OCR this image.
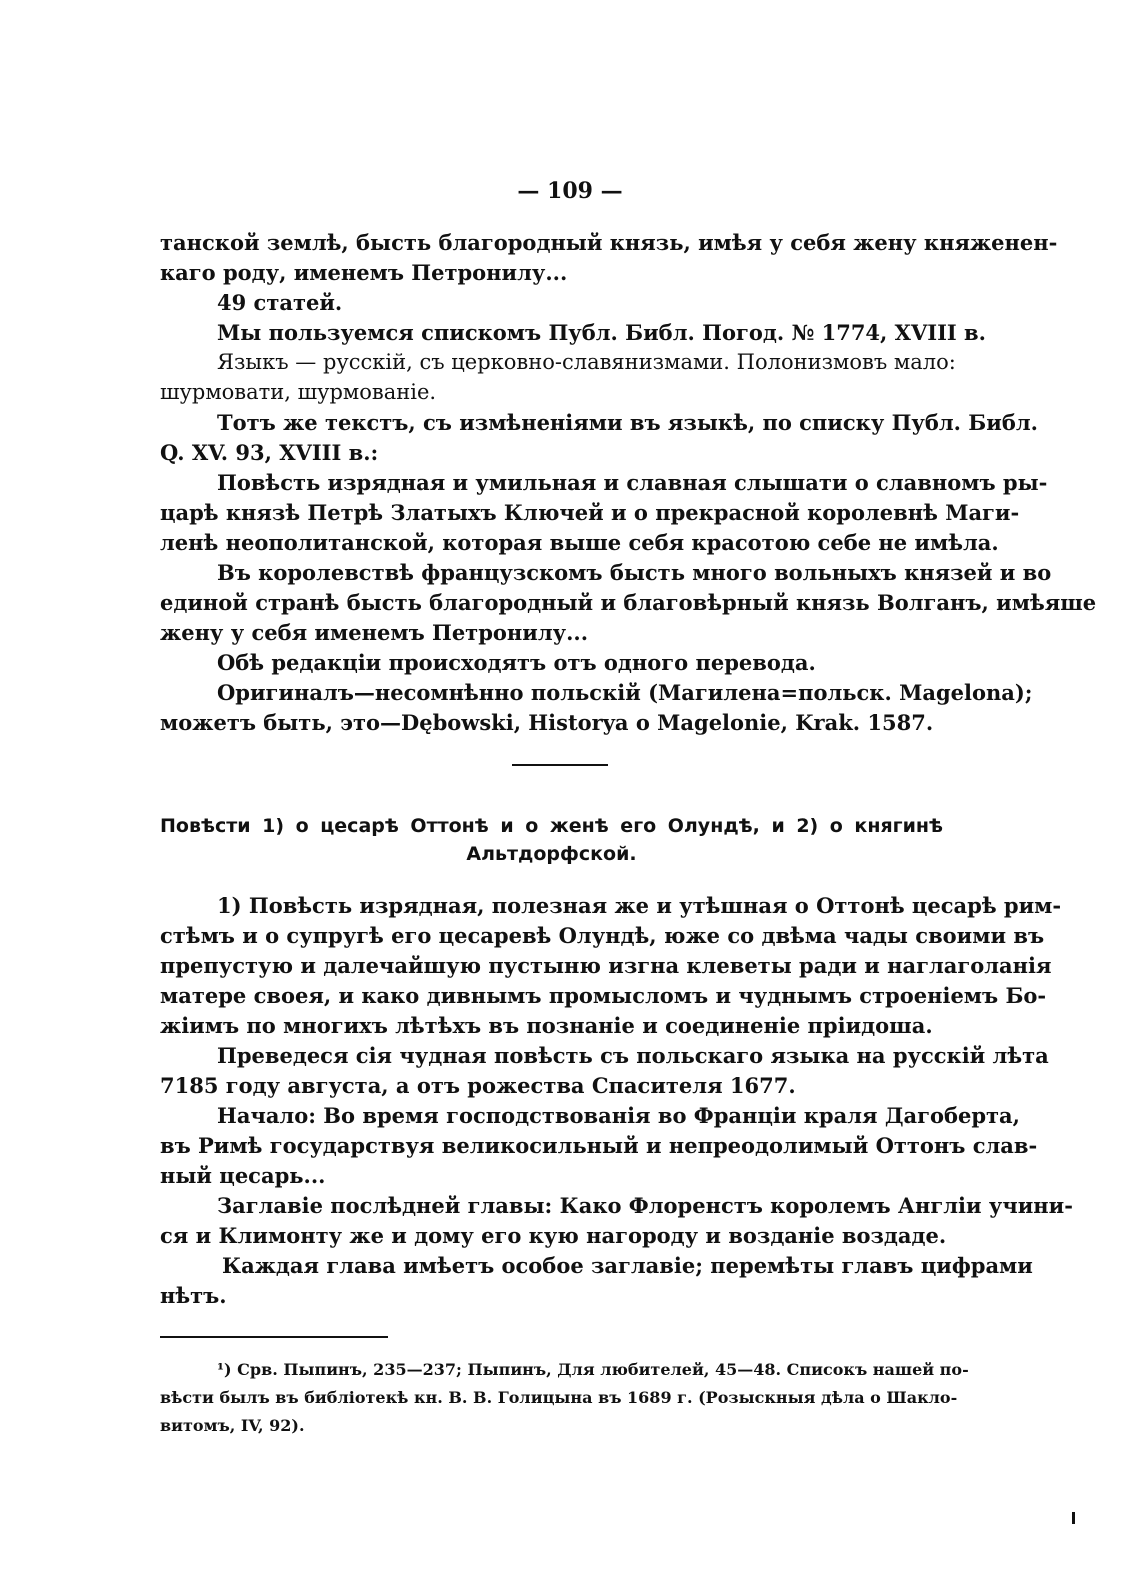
— 109 —
танской землѣ, бысть благородный князь, имѣя у себя жену княженен-
каго роду, именемъ Петронилу...
49 статей.
Мы пользуемся спискомъ Публ. Библ. Погод. № 1774, XVIII в.
Языкъ — русскій, съ церковно-славянизмами. Полонизмовъ мало:
шурмовати, шурмованіе.
Тотъ же текстъ, съ измѣненіями въ языкѣ, по списку Публ. Библ.
Q. XV. 93, XVIII в.:
Повѣсть изрядная и умильная и славная слышати о славномъ ры-
царѣ князѣ Петрѣ Златыхъ Ключей и о прекрасной королевнѣ Маги-
ленѣ неополитанской, которая выше себя красотою себе не имѣла.
Въ королевствѣ французскомъ бысть много вольныхъ князей и во
единой странѣ бысть благородный и благовѣрный князь Волганъ, имѣяше
жену у себя именемъ Петронилу...
Обѣ редакціи происходятъ отъ одного перевода.
Оригиналъ—несомнѣнно польскій (Магилена=польск. Magelona);
можетъ быть, это—Dębowski, Historya o Magelonie, Krak. 1587.
Повѣсти 1) о цесарѣ Оттонѣ и о женѣ его Олундѣ, и 2) о княгинѣ
Альтдорфской.
1) Повѣсть изрядная, полезная же и утѣшная о Оттонѣ цесарѣ рим-
стѣмъ и о супругѣ его цесаревѣ Олундѣ, юже со двѣма чады своими въ
препустую и далечайшую пустыню изгна клеветы ради и наглаголанія
матере своея, и како дивнымъ промысломъ и чуднымъ строеніемъ Бо-
жіимъ по многихъ лѣтѣхъ въ познаніе и соединеніе пріидоша.
Преведеся сія чудная повѣсть съ польскаго языка на русскій лѣта
7185 году августа, а отъ рожества Спасителя 1677.
Начало: Во время господствованія во Франціи краля Дагоберта,
въ Римѣ государствуя великосильный и непреодолимый Оттонъ слав-
ный цесарь...
Заглавіе послѣдней главы: Како Флоренстъ королемъ Англіи учини-
ся и Климонту же и дому его кую нагороду и возданіе воздаде.
Каждая глава имѣетъ особое заглавіе; перемѣты главъ цифрами
нѣтъ.
¹) Срв. Пыпинъ, 235—237; Пыпинъ, Для любителей, 45—48. Списокъ нашей по-
вѣсти былъ въ библіотекѣ кн. В. В. Голицына въ 1689 г. (Розыскныя дѣла о Шакло-
витомъ, IV, 92).
